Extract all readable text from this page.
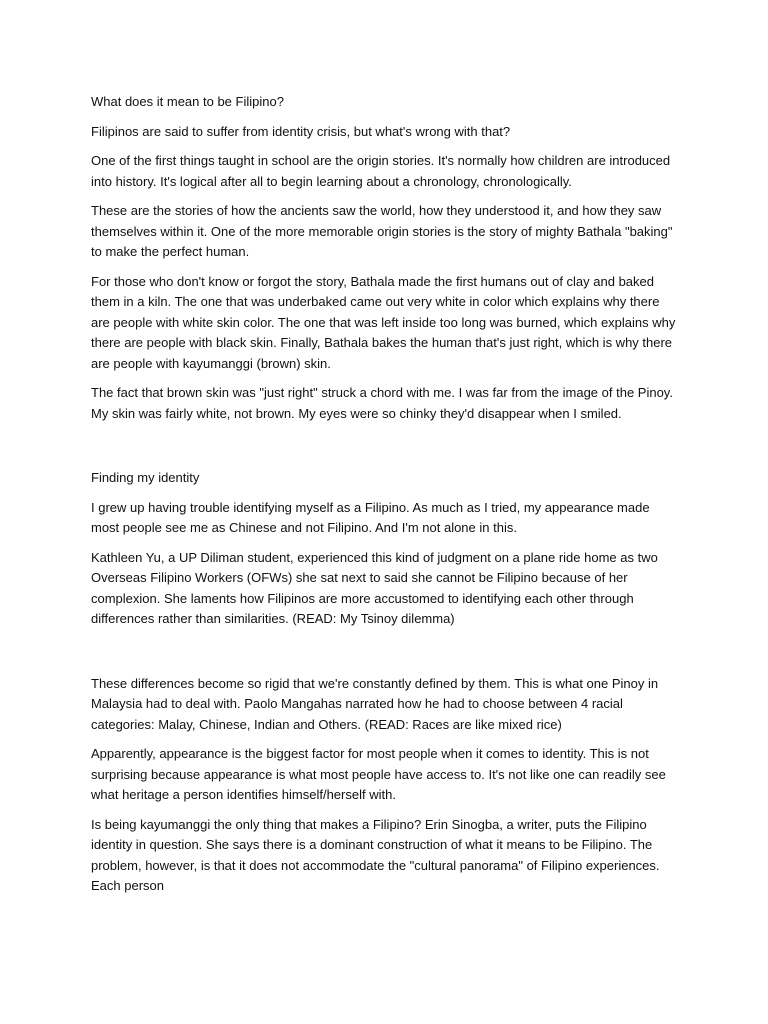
What does it mean to be Filipino?

Filipinos are said to suffer from identity crisis, but what's wrong with that?

One of the first things taught in school are the origin stories. It's normally how children are introduced into history. It's logical after all to begin learning about a chronology, chronologically.

These are the stories of how the ancients saw the world, how they understood it, and how they saw themselves within it. One of the more memorable origin stories is the story of mighty Bathala "baking" to make the perfect human.

For those who don't know or forgot the story, Bathala made the first humans out of clay and baked them in a kiln. The one that was underbaked came out very white in color which explains why there are people with white skin color. The one that was left inside too long was burned, which explains why there are people with black skin. Finally, Bathala bakes the human that's just right, which is why there are people with kayumanggi (brown) skin.

The fact that brown skin was "just right" struck a chord with me. I was far from the image of the Pinoy. My skin was fairly white, not brown. My eyes were so chinky they'd disappear when I smiled.

Finding my identity

I grew up having trouble identifying myself as a Filipino. As much as I tried, my appearance made most people see me as Chinese and not Filipino. And I'm not alone in this.

Kathleen Yu, a UP Diliman student, experienced this kind of judgment on a plane ride home as two Overseas Filipino Workers (OFWs) she sat next to said she cannot be Filipino because of her complexion. She laments how Filipinos are more accustomed to identifying each other through differences rather than similarities. (READ: My Tsinoy dilemma)

These differences become so rigid that we're constantly defined by them. This is what one Pinoy in Malaysia had to deal with. Paolo Mangahas narrated how he had to choose between 4 racial categories: Malay, Chinese, Indian and Others. (READ: Races are like mixed rice)

Apparently, appearance is the biggest factor for most people when it comes to identity. This is not surprising because appearance is what most people have access to. It's not like one can readily see what heritage a person identifies himself/herself with.

Is being kayumanggi the only thing that makes a Filipino? Erin Sinogba, a writer, puts the Filipino identity in question. She says there is a dominant construction of what it means to be Filipino. The problem, however, is that it does not accommodate the "cultural panorama" of Filipino experiences. Each person
